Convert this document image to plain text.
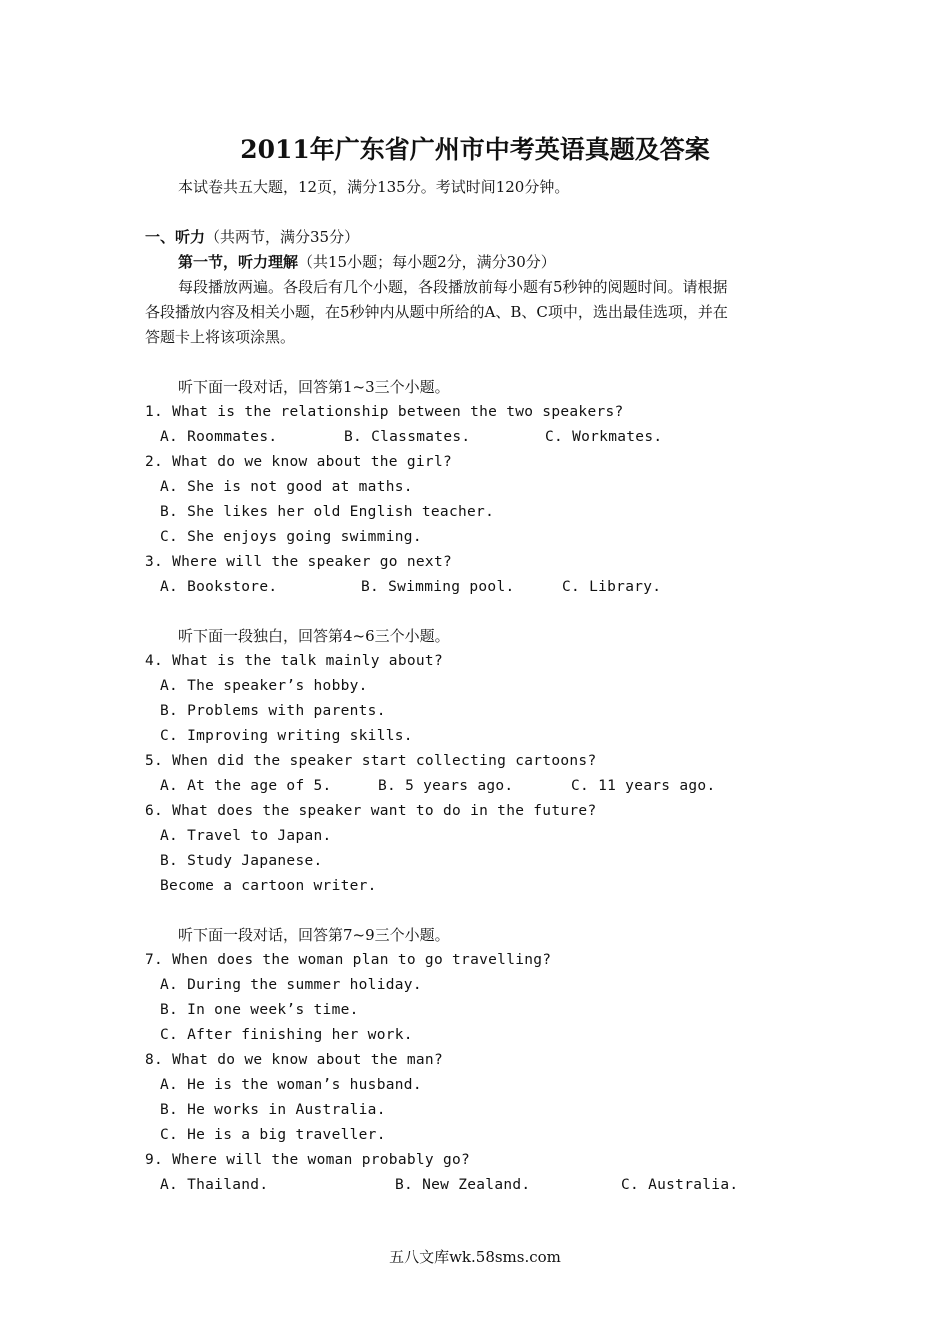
2011年广东省广州市中考英语真题及答案
本试卷共五大题，12页，满分135分。考试时间120分钟。
一、听力（共两节，满分35分）
第一节，听力理解（共15小题；每小题2分，满分30分）
每段播放两遍。各段后有几个小题，各段播放前每小题有5秒钟的阅题时间。请根据
各段播放内容及相关小题，在5秒钟内从题中所给的A、B、C项中，选出最佳选项，并在
答题卡上将该项涂黑。
听下面一段对话，回答第1~3三个小题。
1. What is the relationship between the two speakers?
A. Roommates.	B. Classmates.	C. Workmates.
2. What do we know about the girl?
A. She is not good at maths.
B. She likes her old English teacher.
C. She enjoys going swimming.
3. Where will the speaker go next?
A. Bookstore.	B. Swimming pool.	C. Library.
听下面一段独白，回答第4~6三个小题。
4. What is the talk mainly about?
A. The speaker’s hobby.
B. Problems with parents.
C. Improving writing skills.
5. When did the speaker start collecting cartoons?
A. At the age of 5.	B. 5 years ago.	C. 11 years ago.
6. What does the speaker want to do in the future?
A. Travel to Japan.
B. Study Japanese.
Become a cartoon writer.
听下面一段对话，回答第7~9三个小题。
7. When does the woman plan to go travelling?
A. During the summer holiday.
B. In one week’s time.
C. After finishing her work.
8. What do we know about the man?
A. He is the woman’s husband.
B. He works in Australia.
C. He is a big traveller.
9. Where will the woman probably go?
A. Thailand.	B. New Zealand.	C. Australia.
五八文库wk.58sms.com
